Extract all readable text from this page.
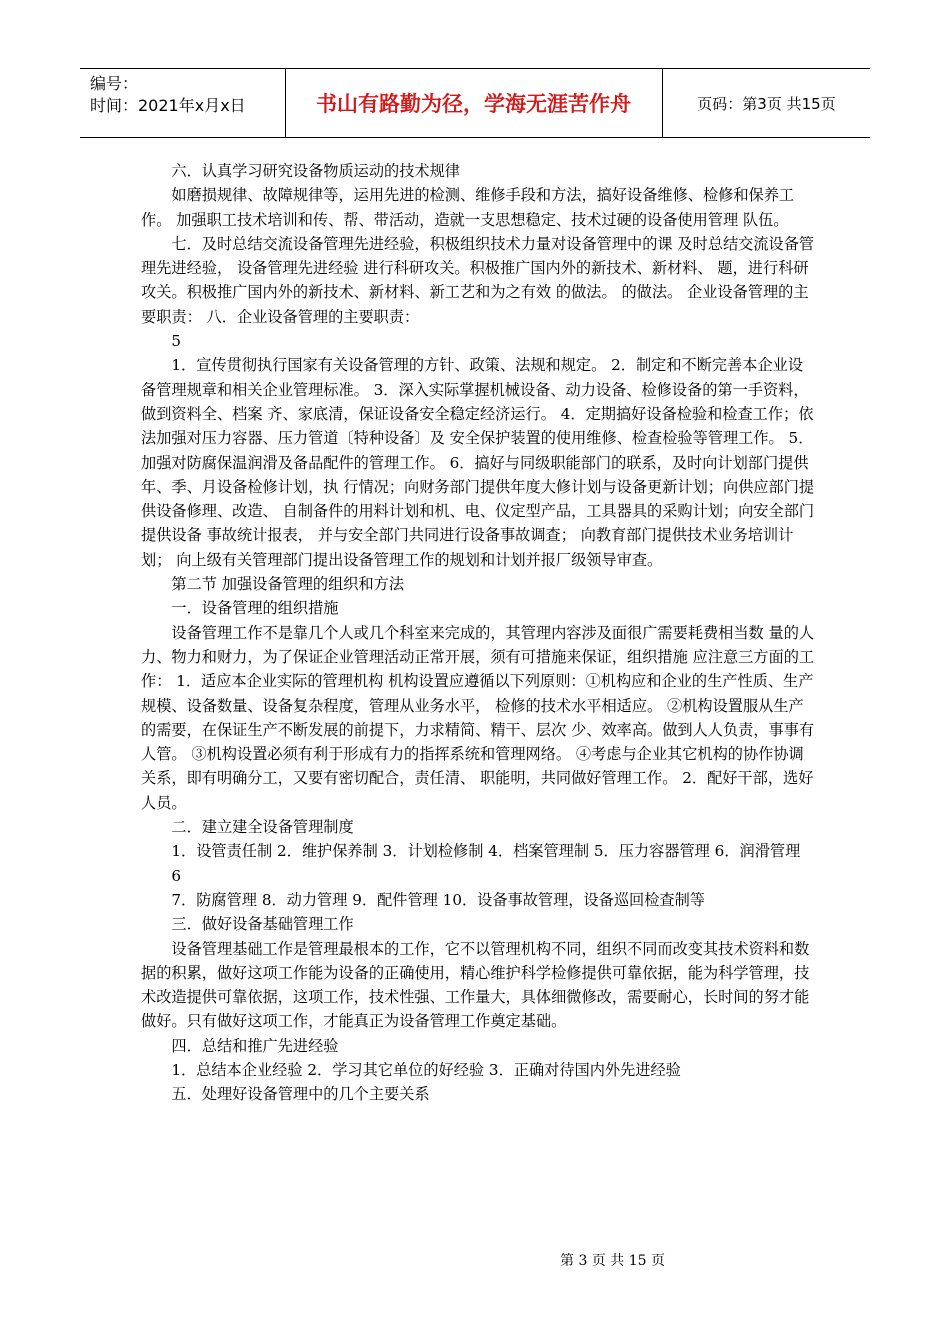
编号：
时间：2021年x月x日	书山有路勤为径，学海无涯苦作舟	页码：第3页 共15页

六．认真学习研究设备物质运动的技术规律

如磨损规律、故障规律等，运用先进的检测、维修手段和方法，搞好设备维修、检修和保养工作。 加强职工技术培训和传、帮、带活动，造就一支思想稳定、技术过硬的设备使用管理 队伍。

七．及时总结交流设备管理先进经验，积极组织技术力量对设备管理中的课 及时总结交流设备管理先进经验， 设备管理先进经验 进行科研攻关。积极推广国内外的新技术、新材料、 题，进行科研攻关。积极推广国内外的新技术、新材料、新工艺和为之有效 的做法。 的做法。 企业设备管理的主要职责： 八．企业设备管理的主要职责：

5

1．宣传贯彻执行国家有关设备管理的方针、政策、法规和规定。 2．制定和不断完善本企业设备管理规章和相关企业管理标准。 3．深入实际掌握机械设备、动力设备、检修设备的第一手资料，做到资料全、档案 齐、家底清，保证设备安全稳定经济运行。 4．定期搞好设备检验和检查工作；依法加强对压力容器、压力管道〔特种设备〕及 安全保护装置的使用维修、检查检验等管理工作。 5．加强对防腐保温润滑及备品配件的管理工作。 6．搞好与同级职能部门的联系，及时向计划部门提供年、季、月设备检修计划，执 行情况；向财务部门提供年度大修计划与设备更新计划；向供应部门提供设备修理、改造、 自制备件的用料计划和机、电、仪定型产品，工具器具的采购计划；向安全部门提供设备 事故统计报表， 并与安全部门共同进行设备事故调查； 向教育部门提供技术业务培训计划； 向上级有关管理部门提出设备管理工作的规划和计划并报厂级领导审查。

第二节 加强设备管理的组织和方法

一．设备管理的组织措施

设备管理工作不是靠几个人或几个科室来完成的，其管理内容涉及面很广需要耗费相当数 量的人力、物力和财力，为了保证企业管理活动正常开展，须有可措施来保证，组织措施 应注意三方面的工作： 1．适应本企业实际的管理机构 机构设置应遵循以下列原则：①机构应和企业的生产性质、生产规模、设备数量、设备复杂程度，管理从业务水平， 检修的技术水平相适应。 ②机构设置服从生产的需要，在保证生产不断发展的前提下，力求精简、精干、层次 少、效率高。做到人人负责，事事有人管。 ③机构设置必须有利于形成有力的指挥系统和管理网络。 ④考虑与企业其它机构的协作协调关系，即有明确分工，又要有密切配合，责任清、 职能明，共同做好管理工作。 2．配好干部，选好人员。

二．建立建全设备管理制度

1．设管责任制 2．维护保养制 3．计划检修制 4．档案管理制 5．压力容器管理 6．润滑管理

6

7．防腐管理 8．动力管理 9．配件管理 10．设备事故管理，设备巡回检查制等

三．做好设备基础管理工作

设备管理基础工作是管理最根本的工作，它不以管理机构不同，组织不同而改变其技术资料和数据的积累，做好这项工作能为设备的正确使用，精心维护科学检修提供可靠依据，能为科学管理，技术改造提供可靠依据，这项工作，技术性强、工作量大，具体细微修改，需要耐心，长时间的努才能做好。只有做好这项工作，才能真正为设备管理工作奠定基础。

四．总结和推广先进经验

1．总结本企业经验 2．学习其它单位的好经验 3．正确对待国内外先进经验

五．处理好设备管理中的几个主要关系

第 3 页 共 15 页
